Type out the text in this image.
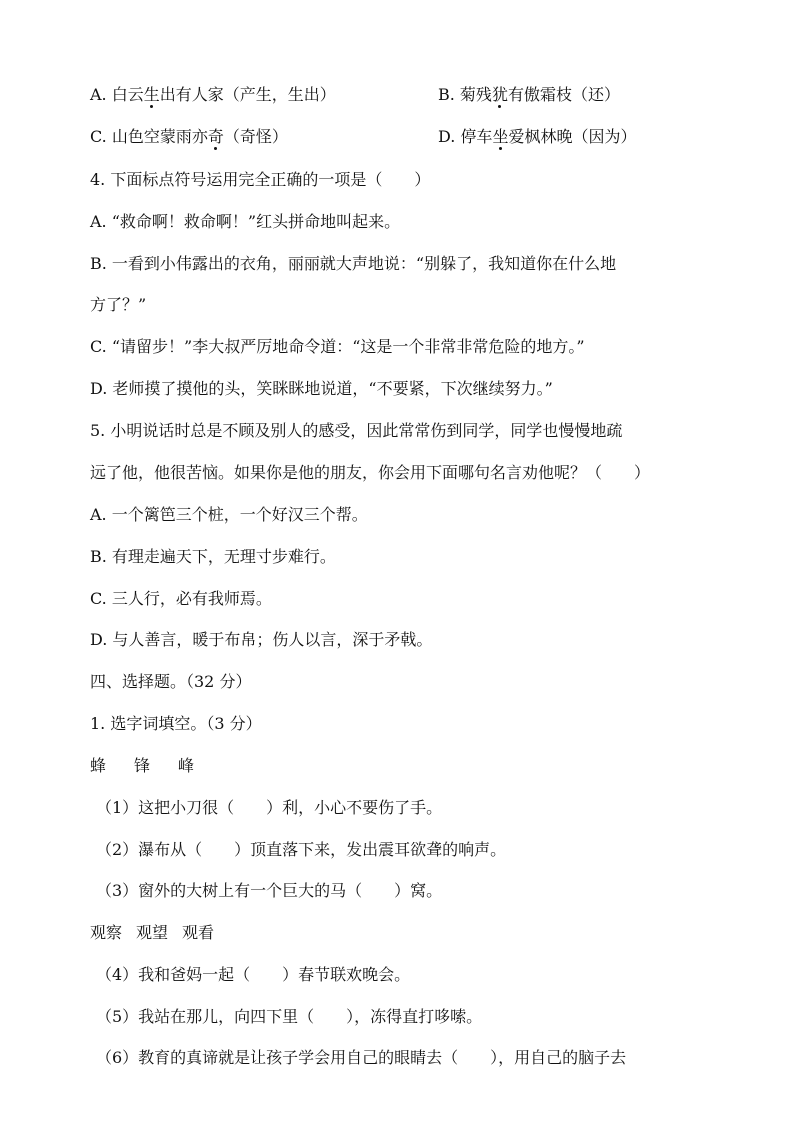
A. 白云生出有人家（产生，生出）	B. 菊残犹有傲霜枝（还）
C. 山色空蒙雨亦奇（奇怪）	D. 停车坐爱枫林晚（因为）
4. 下面标点符号运用完全正确的一项是（　　）
A. “救命啊！救命啊！”红头拼命地叫起来。
B. 一看到小伟露出的衣角，丽丽就大声地说：“别躲了，我知道你在什么地
方了？”
C. “请留步！”李大叔严厉地命令道：“这是一个非常非常危险的地方。”
D. 老师摸了摸他的头，笑眯眯地说道，“不要紧，下次继续努力。”
5. 小明说话时总是不顾及别人的感受，因此常常伤到同学，同学也慢慢地疏
远了他，他很苦恼。如果你是他的朋友，你会用下面哪句名言劝他呢？（　　）
A. 一个篱笆三个桩，一个好汉三个帮。
B. 有理走遍天下，无理寸步难行。
C. 三人行，必有我师焉。
D. 与人善言，暖于布帛；伤人以言，深于矛戟。
四、选择题。（32 分）
1. 选字词填空。（3 分）
蜂 锋 峰
（1）这把小刀很（　　）利，小心不要伤了手。
（2）瀑布从（　　）顶直落下来，发出震耳欲聋的响声。
（3）窗外的大树上有一个巨大的马（　　）窝。
观察 观望 观看
（4）我和爸妈一起（　　）春节联欢晚会。
（5）我站在那儿，向四下里（　　），冻得直打哆嗦。
（6）教育的真谛就是让孩子学会用自己的眼睛去（　　），用自己的脑子去
